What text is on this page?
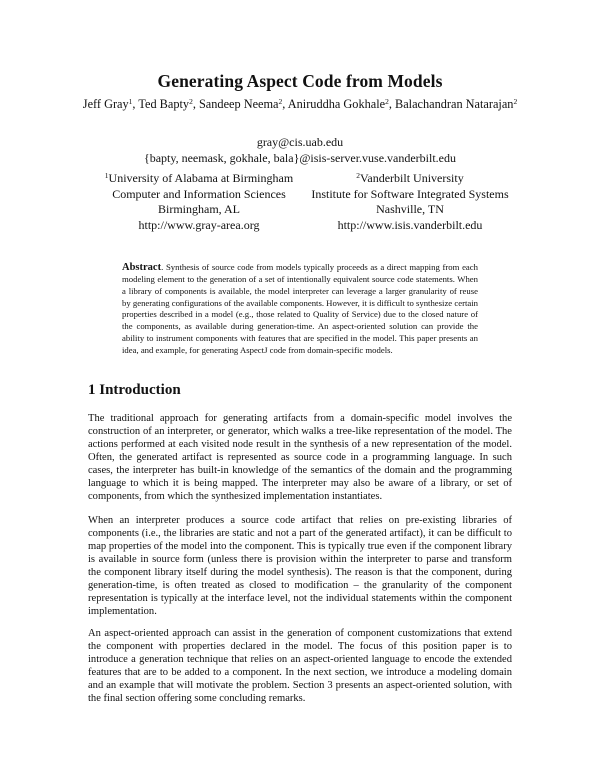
Generating Aspect Code from Models
Jeff Gray$^1$, Ted Bapty$^2$, Sandeep Neema$^2$, Aniruddha Gokhale$^2$, Balachandran Natarajan$^2$
gray@cis.uab.edu
{bapty, neemask, gokhale, bala}@isis-server.vuse.vanderbilt.edu
$^1$University of Alabama at Birmingham
Computer and Information Sciences
Birmingham, AL
http://www.gray-area.org
$^2$Vanderbilt University
Institute for Software Integrated Systems
Nashville, TN
http://www.isis.vanderbilt.edu
Abstract. Synthesis of source code from models typically proceeds as a direct mapping from each modeling element to the generation of a set of intentionally equivalent source code statements. When a library of components is available, the model interpreter can leverage a larger granularity of reuse by generating configurations of the available components. However, it is difficult to synthesize certain properties described in a model (e.g., those related to Quality of Service) due to the closed nature of the components, as available during generation-time. An aspect-oriented solution can provide the ability to instrument components with features that are specified in the model. This paper presents an idea, and example, for generating AspectJ code from domain-specific models.
1 Introduction
The traditional approach for generating artifacts from a domain-specific model involves the construction of an interpreter, or generator, which walks a tree-like representation of the model. The actions performed at each visited node result in the synthesis of a new representation of the model. Often, the generated artifact is represented as source code in a programming language. In such cases, the interpreter has built-in knowledge of the semantics of the domain and the programming language to which it is being mapped. The interpreter may also be aware of a library, or set of components, from which the synthesized implementation instantiates.
When an interpreter produces a source code artifact that relies on pre-existing libraries of components (i.e., the libraries are static and not a part of the generated artifact), it can be difficult to map properties of the model into the component. This is typically true even if the component library is available in source form (unless there is provision within the interpreter to parse and transform the component library itself during the model synthesis). The reason is that the component, during generation-time, is often treated as closed to modification – the granularity of the component representation is typically at the interface level, not the individual statements within the component implementation.
An aspect-oriented approach can assist in the generation of component customizations that extend the component with properties declared in the model. The focus of this position paper is to introduce a generation technique that relies on an aspect-oriented language to encode the extended features that are to be added to a component. In the next section, we introduce a modeling domain and an example that will motivate the problem. Section 3 presents an aspect-oriented solution, with the final section offering some concluding remarks.
